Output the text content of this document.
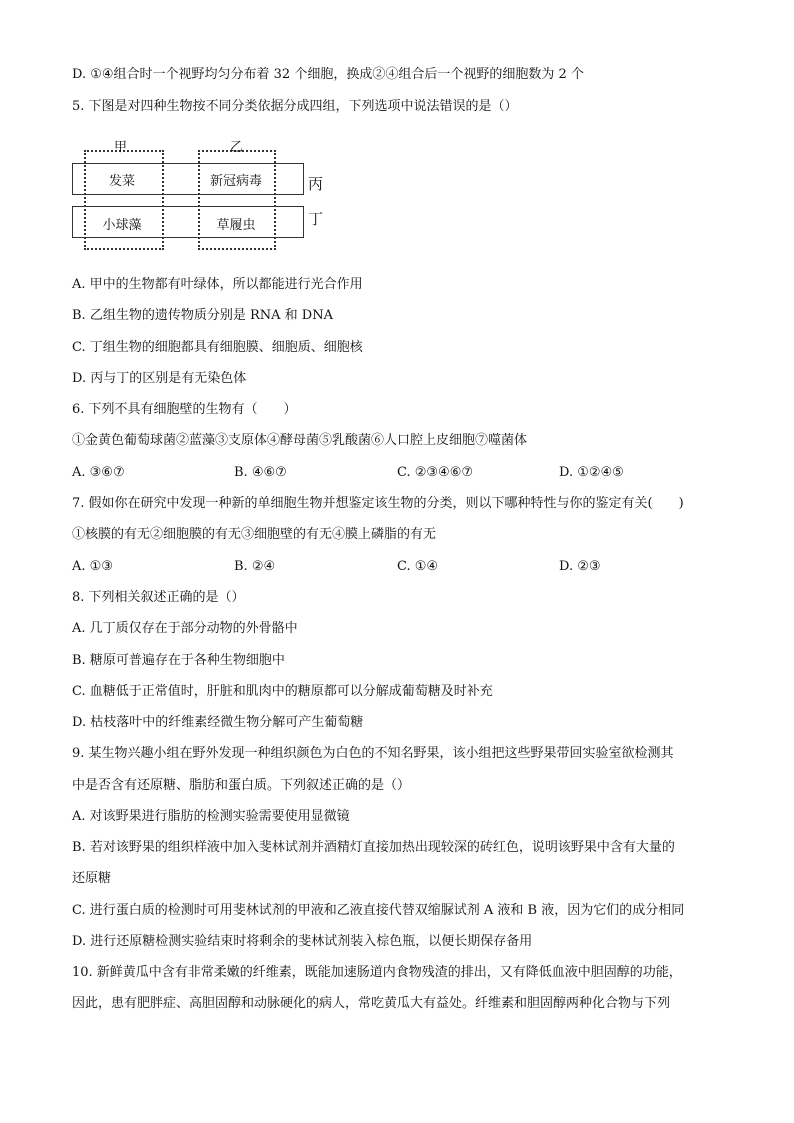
D. ①④组合时一个视野均匀分布着 32 个细胞，换成②④组合后一个视野的细胞数为 2 个
5. 下图是对四种生物按不同分类依据分成四组，下列选项中说法错误的是（）
甲	乙
丙
丁
发菜	新冠病毒
小球藻	草履虫
A. 甲中的生物都有叶绿体，所以都能进行光合作用
B. 乙组生物的遗传物质分别是 RNA 和 DNA
C. 丁组生物的细胞都具有细胞膜、细胞质、细胞核
D. 丙与丁的区别是有无染色体
6. 下列不具有细胞壁的生物有（　　）
①金黄色葡萄球菌②蓝藻③支原体④酵母菌⑤乳酸菌⑥人口腔上皮细胞⑦噬菌体
A. ③⑥⑦	B. ④⑥⑦	C. ②③④⑥⑦	D. ①②④⑤
7. 假如你在研究中发现一种新的单细胞生物并想鉴定该生物的分类，则以下哪种特性与你的鉴定有关(　　)
①核膜的有无②细胞膜的有无③细胞壁的有无④膜上磷脂的有无
A. ①③	B. ②④	C. ①④	D. ②③
8. 下列相关叙述正确的是（）
A. 几丁质仅存在于部分动物的外骨骼中
B. 糖原可普遍存在于各种生物细胞中
C. 血糖低于正常值时，肝脏和肌肉中的糖原都可以分解成葡萄糖及时补充
D. 枯枝落叶中的纤维素经微生物分解可产生葡萄糖
9. 某生物兴趣小组在野外发现一种组织颜色为白色的不知名野果，该小组把这些野果带回实验室欲检测其
中是否含有还原糖、脂肪和蛋白质。下列叙述正确的是（）
A. 对该野果进行脂肪的检测实验需要使用显微镜
B. 若对该野果的组织样液中加入斐林试剂并酒精灯直接加热出现较深的砖红色，说明该野果中含有大量的
还原糖
C. 进行蛋白质的检测时可用斐林试剂的甲液和乙液直接代替双缩脲试剂 A 液和 B 液，因为它们的成分相同
D. 进行还原糖检测实验结束时将剩余的斐林试剂装入棕色瓶，以便长期保存备用
10. 新鲜黄瓜中含有非常柔嫩的纤维素，既能加速肠道内食物残渣的排出，又有降低血液中胆固醇的功能，
因此，患有肥胖症、高胆固醇和动脉硬化的病人，常吃黄瓜大有益处。纤维素和胆固醇两种化合物与下列
